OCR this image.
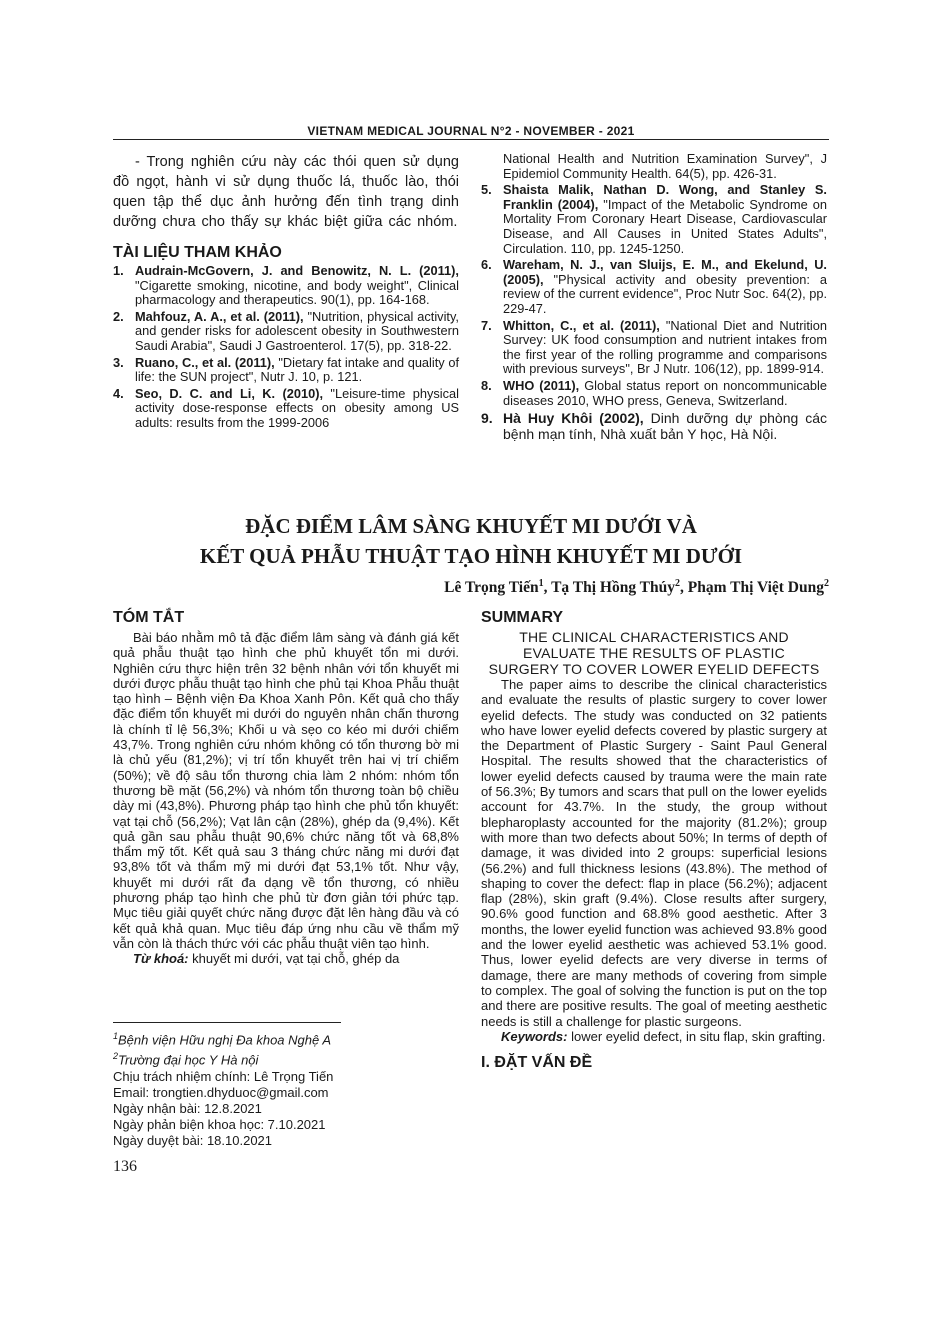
VIETNAM MEDICAL JOURNAL N°2 - NOVEMBER - 2021

- Trong nghiên cứu này các thói quen sử dụng đồ ngọt, hành vi sử dụng thuốc lá, thuốc lào, thói quen tập thể dục ảnh hưởng đến tình trạng dinh dưỡng chưa cho thấy sự khác biệt giữa các nhóm.

TÀI LIỆU THAM KHẢO
1. Audrain-McGovern, J. and Benowitz, N. L. (2011), "Cigarette smoking, nicotine, and body weight", Clinical pharmacology and therapeutics. 90(1), pp. 164-168.
2. Mahfouz, A. A., et al. (2011), "Nutrition, physical activity, and gender risks for adolescent obesity in Southwestern Saudi Arabia", Saudi J Gastroenterol. 17(5), pp. 318-22.
3. Ruano, C., et al. (2011), "Dietary fat intake and quality of life: the SUN project", Nutr J. 10, p. 121.
4. Seo, D. C. and Li, K. (2010), "Leisure-time physical activity dose-response effects on obesity among US adults: results from the 1999-2006
National Health and Nutrition Examination Survey", J Epidemiol Community Health. 64(5), pp. 426-31.
5. Shaista Malik, Nathan D. Wong, and Stanley S. Franklin (2004), "Impact of the Metabolic Syndrome on Mortality From Coronary Heart Disease, Cardiovascular Disease, and All Causes in United States Adults", Circulation. 110, pp. 1245-1250.
6. Wareham, N. J., van Sluijs, E. M., and Ekelund, U. (2005), "Physical activity and obesity prevention: a review of the current evidence", Proc Nutr Soc. 64(2), pp. 229-47.
7. Whitton, C., et al. (2011), "National Diet and Nutrition Survey: UK food consumption and nutrient intakes from the first year of the rolling programme and comparisons with previous surveys", Br J Nutr. 106(12), pp. 1899-914.
8. WHO (2011), Global status report on noncommunicable diseases 2010, WHO press, Geneva, Switzerland.
9. Hà Huy Khôi (2002), Dinh dưỡng dự phòng các bệnh mạn tính, Nhà xuất bản Y học, Hà Nội.
ĐẶC ĐIỂM LÂM SÀNG KHUYẾT MI DƯỚI VÀ
KẾT QUẢ PHẪU THUẬT TẠO HÌNH KHUYẾT MI DƯỚI
Lê Trọng Tiến$^1$, Tạ Thị Hồng Thúy$^2$, Phạm Thị Việt Dung$^2$
TÓM TẮT

Bài báo nhằm mô tả đặc điểm lâm sàng và đánh giá kết quả phẫu thuật tạo hình che phủ khuyết tổn mi dưới. Nghiên cứu thực hiện trên 32 bệnh nhân với tổn khuyết mi dưới được phẫu thuật tạo hình che phủ tại Khoa Phẫu thuật tạo hình – Bệnh viện Đa Khoa Xanh Pôn. Kết quả cho thấy đặc điểm tổn khuyết mi dưới do nguyên nhân chấn thương là chính tỉ lệ 56,3%; Khối u và sẹo co kéo mi dưới chiếm 43,7%. Trong nghiên cứu nhóm không có tổn thương bờ mi là chủ yếu (81,2%); vị trí tổn khuyết trên hai vị trí chiếm (50%); về độ sâu tổn thương chia làm 2 nhóm: nhóm tổn thương bề mặt (56,2%) và nhóm tổn thương toàn bộ chiều dày mi (43,8%). Phương pháp tạo hình che phủ tổn khuyết: vạt tại chỗ (56,2%); Vạt lân cận (28%), ghép da (9,4%). Kết quả gần sau phẫu thuật 90,6% chức năng tốt và 68,8% thẩm mỹ tốt. Kết quả sau 3 tháng chức năng mi dưới đạt 93,8% tốt và thẩm mỹ mi dưới đạt 53,1% tốt. Như vậy, khuyết mi dưới rất đa dạng về tổn thương, có nhiều phương pháp tạo hình che phủ từ đơn giản tới phức tạp. Mục tiêu giải quyết chức năng được đặt lên hàng đầu và có kết quả khả quan. Mục tiêu đáp ứng nhu cầu về thẩm mỹ vẫn còn là thách thức với các phẫu thuật viên tạo hình.

Từ khoá: khuyết mi dưới, vạt tại chỗ, ghép da

SUMMARY
THE CLINICAL CHARACTERISTICS AND
EVALUATE THE RESULTS OF PLASTIC
SURGERY TO COVER LOWER EYELID DEFECTS

The paper aims to describe the clinical characteristics and evaluate the results of plastic surgery to cover lower eyelid defects. The study was conducted on 32 patients who have lower eyelid defects covered by plastic surgery at the Department of Plastic Surgery - Saint Paul General Hospital. The results showed that the characteristics of lower eyelid defects caused by trauma were the main rate of 56.3%; By tumors and scars that pull on the lower eyelids account for 43.7%. In the study, the group without blepharoplasty accounted for the majority (81.2%); group with more than two defects about 50%; In terms of depth of damage, it was divided into 2 groups: superficial lesions (56.2%) and full thickness lesions (43.8%). The method of shaping to cover the defect: flap in place (56.2%); adjacent flap (28%), skin graft (9.4%). Close results after surgery, 90.6% good function and 68.8% good aesthetic. After 3 months, the lower eyelid function was achieved 93.8% good and the lower eyelid aesthetic was achieved 53.1% good. Thus, lower eyelid defects are very diverse in terms of damage, there are many methods of covering from simple to complex. The goal of solving the function is put on the top and there are positive results. The goal of meeting aesthetic needs is still a challenge for plastic surgeons.

Keywords: lower eyelid defect, in situ flap, skin grafting.

I. ĐẶT VẤN ĐỀ
$^1$Bệnh viện Hữu nghị Đa khoa Nghệ A
$^2$Trường đại học Y Hà nội
Chịu trách nhiệm chính: Lê Trọng Tiến
Email: trongtien.dhyduoc@gmail.com
Ngày nhận bài: 12.8.2021
Ngày phản biện khoa học: 7.10.2021
Ngày duyệt bài: 18.10.2021
136
